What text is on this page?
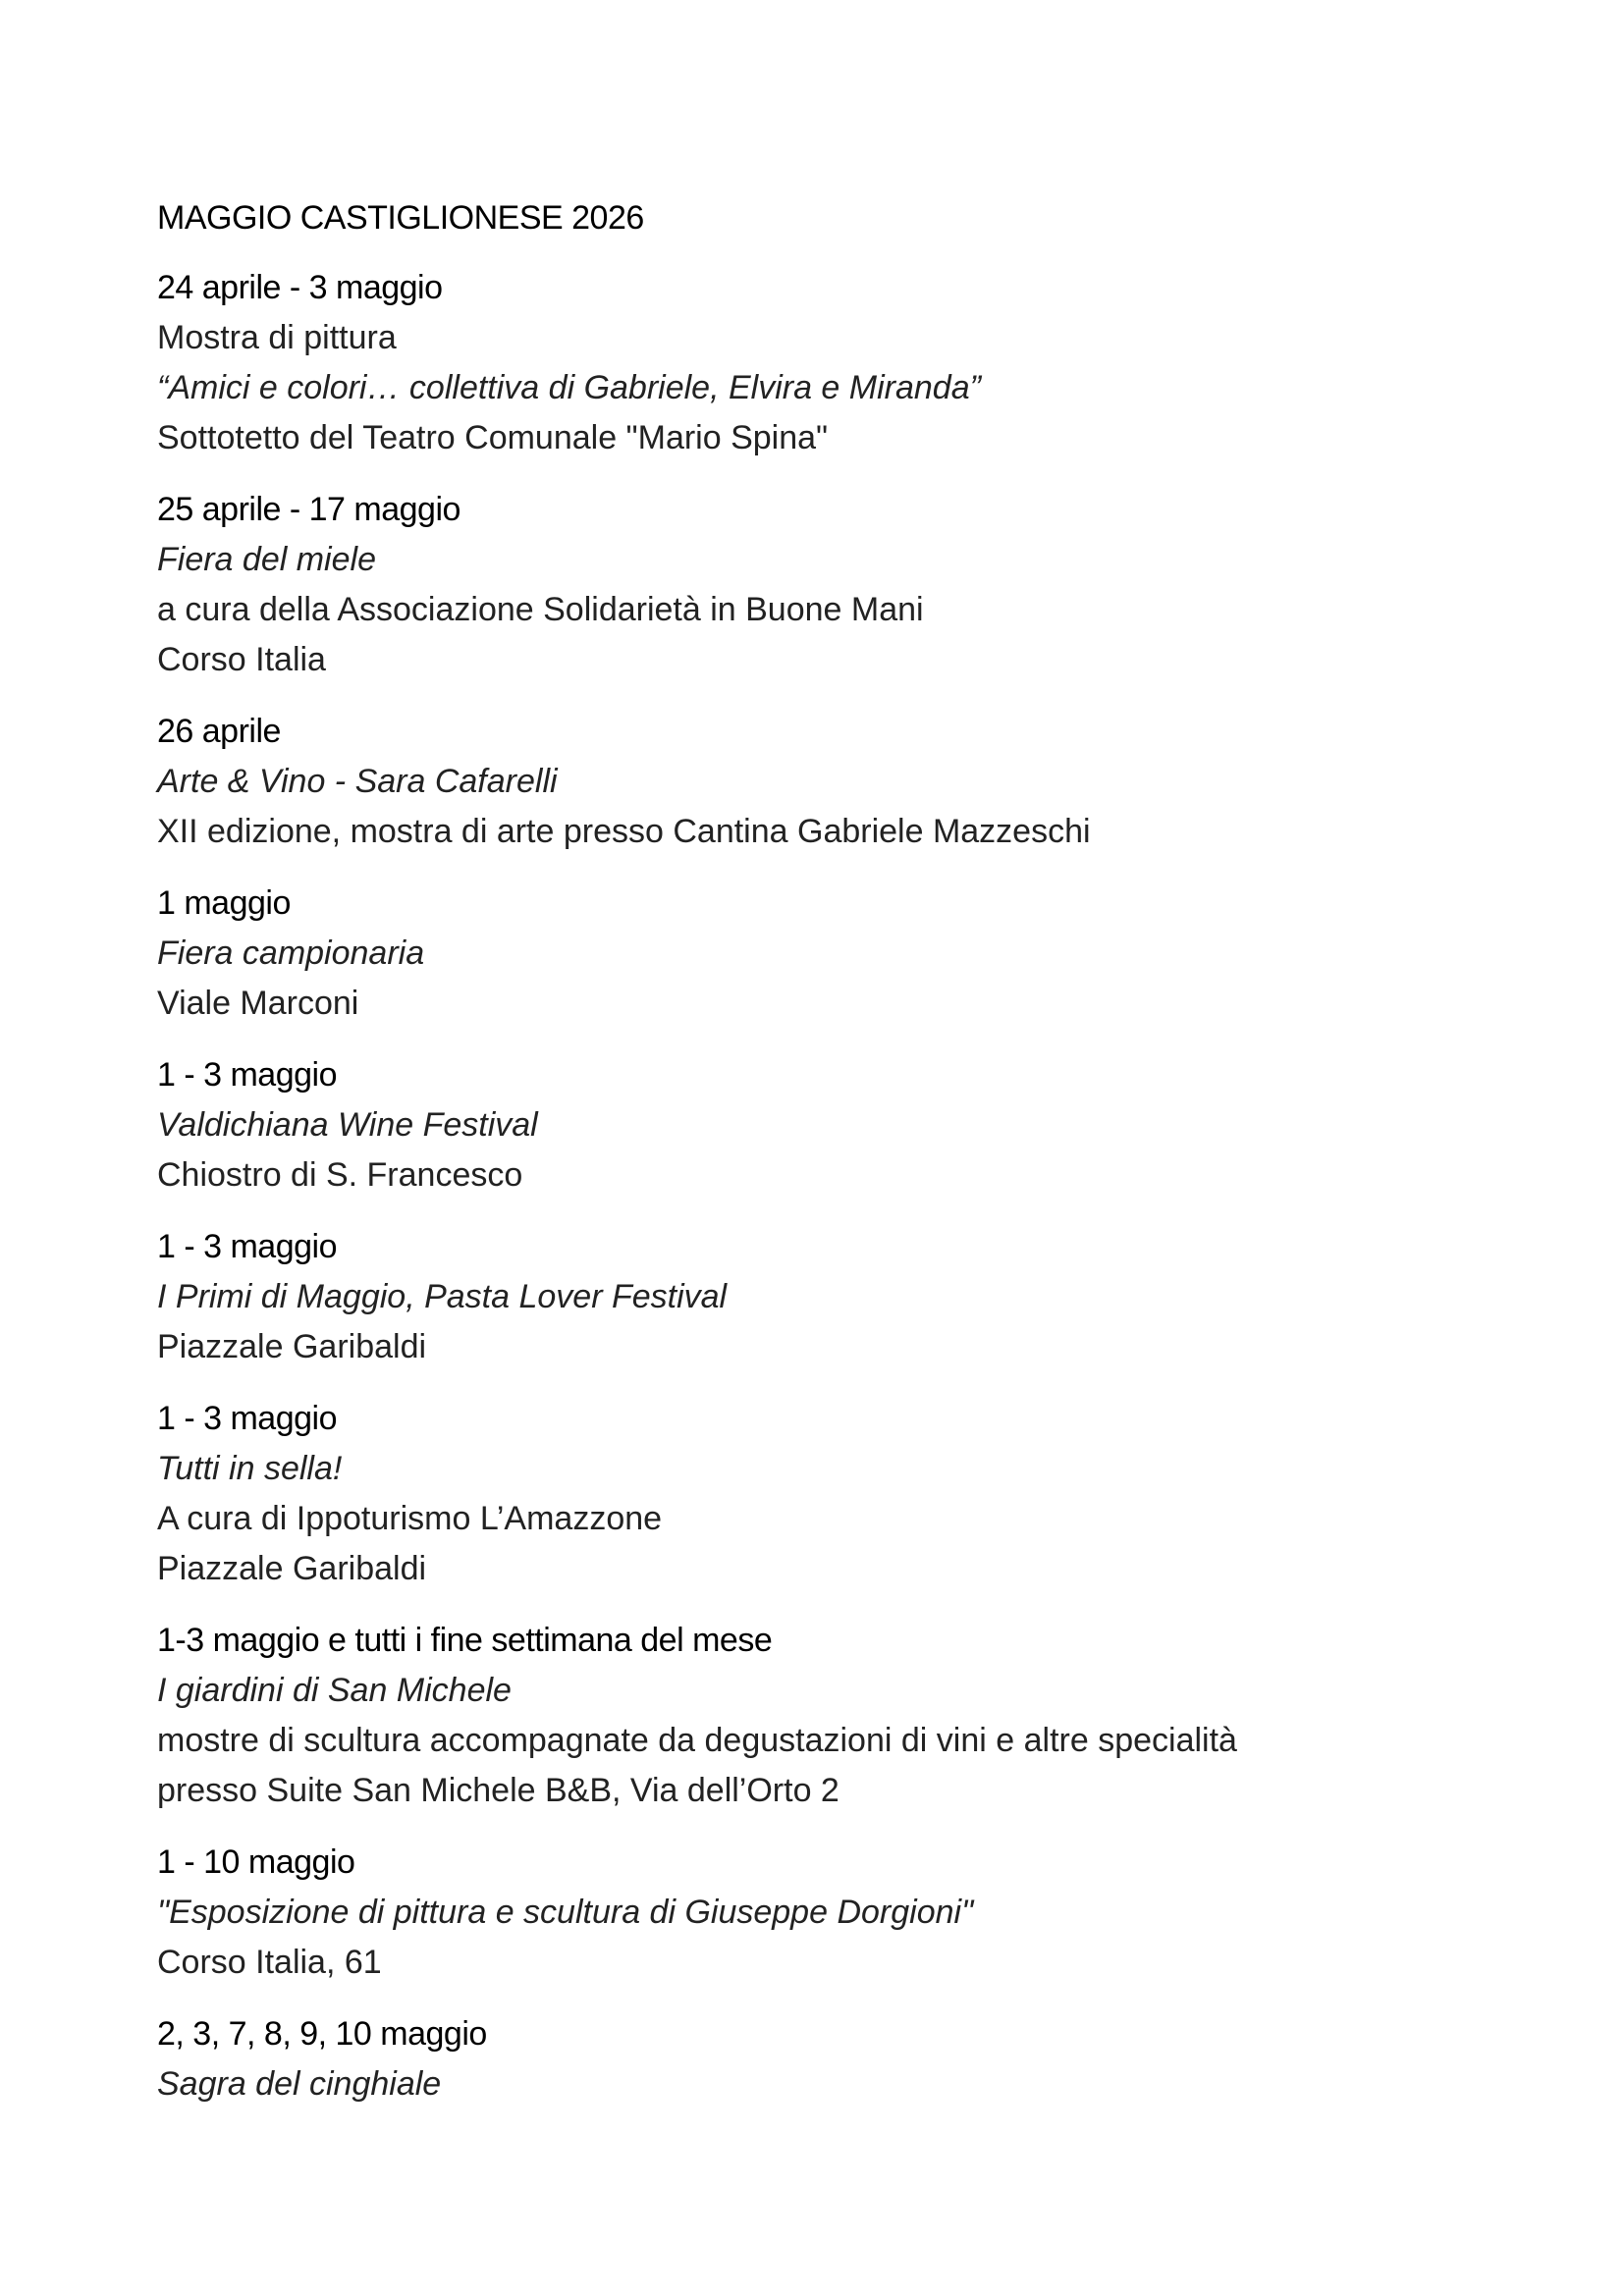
MAGGIO CASTIGLIONESE 2026
24 aprile - 3 maggio
Mostra di pittura
“Amici e colori… collettiva di Gabriele, Elvira e Miranda”
Sottotetto del Teatro Comunale "Mario Spina"
25 aprile - 17 maggio
Fiera del miele
a cura della Associazione Solidarietà in Buone Mani
Corso Italia
26 aprile
Arte & Vino - Sara Cafarelli
XII edizione, mostra di arte presso Cantina Gabriele Mazzeschi
1 maggio
Fiera campionaria
Viale Marconi
1 - 3 maggio
Valdichiana Wine Festival
Chiostro di S. Francesco
1 - 3 maggio
I Primi di Maggio, Pasta Lover Festival
Piazzale Garibaldi
1 - 3 maggio
Tutti in sella!
A cura di Ippoturismo L’Amazzone
Piazzale Garibaldi
1-3 maggio e tutti i fine settimana del mese
I giardini di San Michele
mostre di scultura accompagnate da degustazioni di vini e altre specialità
presso Suite San Michele B&B, Via dell’Orto 2
1 - 10 maggio
"Esposizione di pittura e scultura di Giuseppe Dorgioni"
Corso Italia, 61
2, 3, 7, 8, 9, 10 maggio
Sagra del cinghiale
